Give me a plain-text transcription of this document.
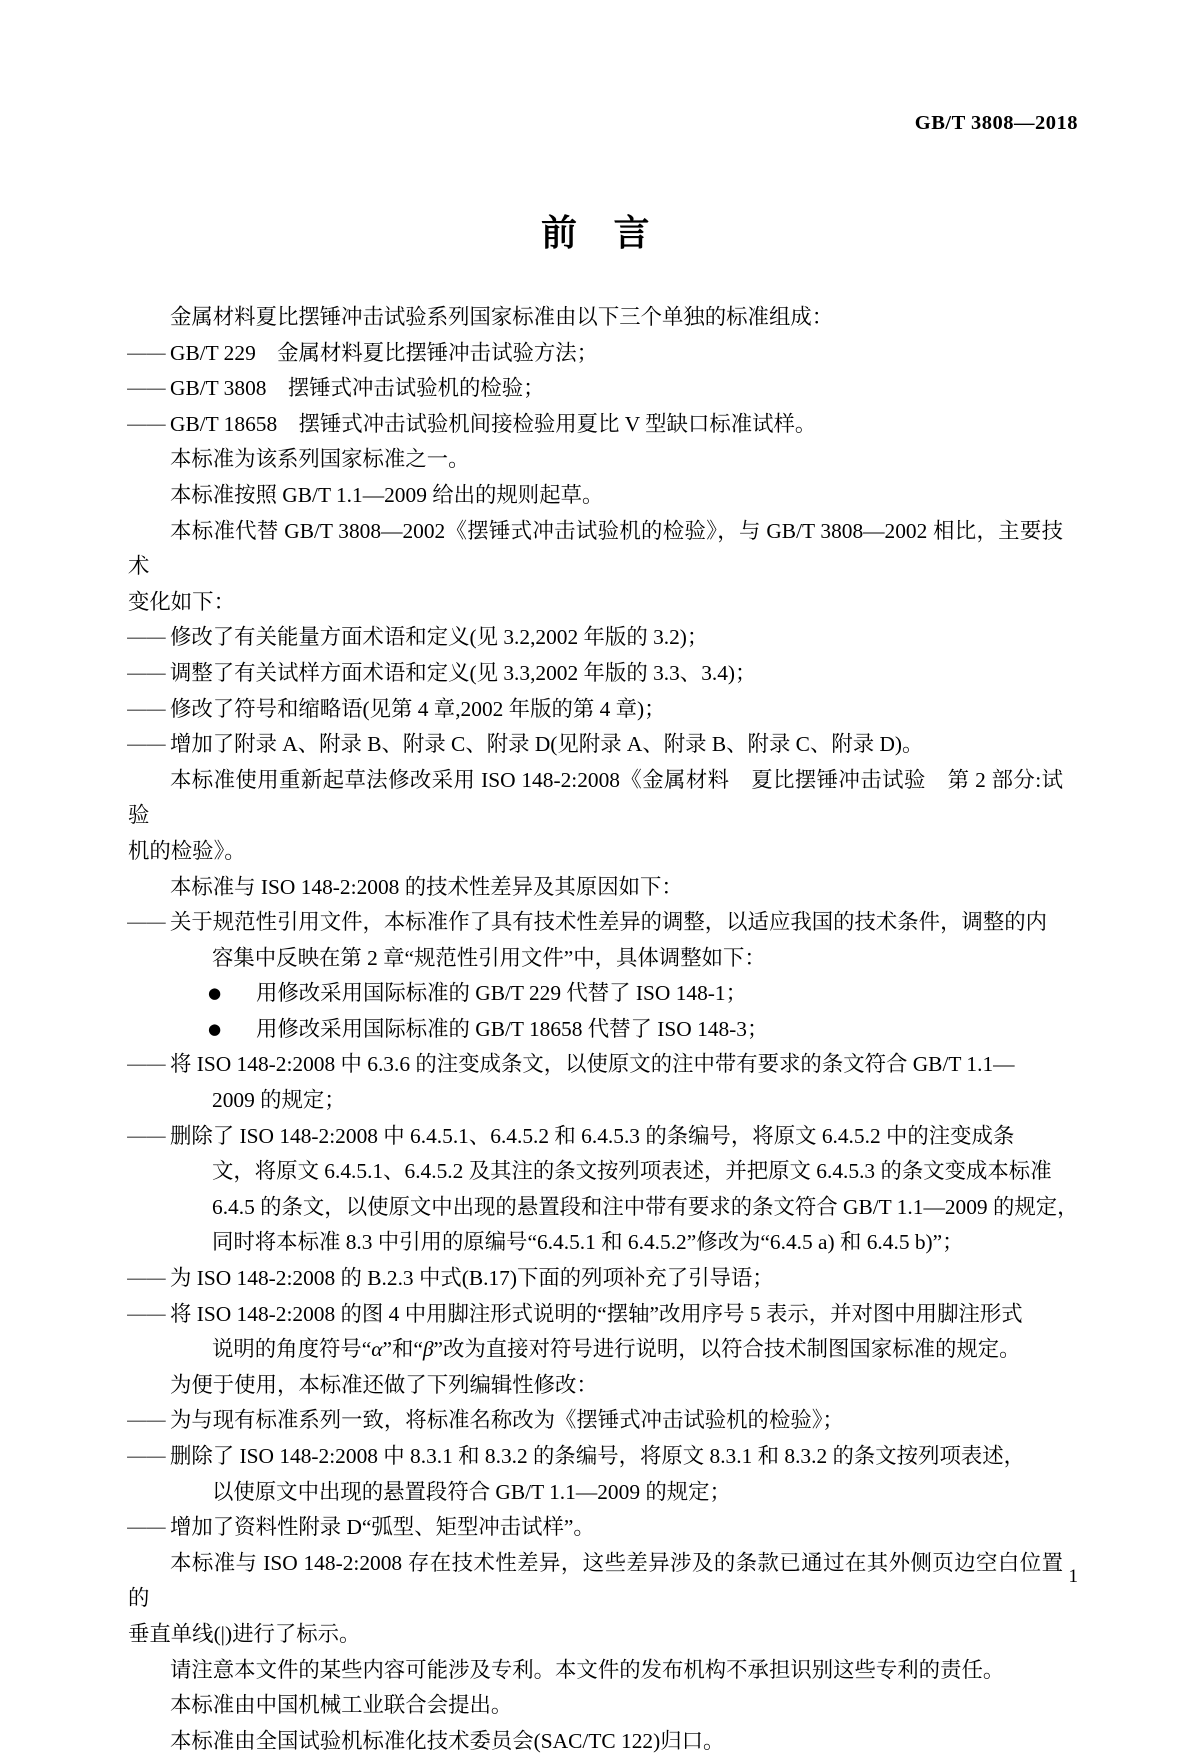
GB/T 3808—2018
前 言

金属材料夏比摆锤冲击试验系列国家标准由以下三个单独的标准组成：

—— GB/T 229　金属材料夏比摆锤冲击试验方法；

—— GB/T 3808　摆锤式冲击试验机的检验；

—— GB/T 18658　摆锤式冲击试验机间接检验用夏比 V 型缺口标准试样。

本标准为该系列国家标准之一。

本标准按照 GB/T 1.1—2009 给出的规则起草。

本标准代替 GB/T 3808—2002《摆锤式冲击试验机的检验》，与 GB/T 3808—2002 相比，主要技术

变化如下：

—— 修改了有关能量方面术语和定义(见 3.2,2002 年版的 3.2)；

—— 调整了有关试样方面术语和定义(见 3.3,2002 年版的 3.3、3.4)；

—— 修改了符号和缩略语(见第 4 章,2002 年版的第 4 章)；

—— 增加了附录 A、附录 B、附录 C、附录 D(见附录 A、附录 B、附录 C、附录 D)。

本标准使用重新起草法修改采用 ISO 148-2:2008《金属材料　夏比摆锤冲击试验　第 2 部分:试验

机的检验》。

本标准与 ISO 148-2:2008 的技术性差异及其原因如下：

—— 关于规范性引用文件，本标准作了具有技术性差异的调整，以适应我国的技术条件，调整的内

容集中反映在第 2 章“规范性引用文件”中，具体调整如下：

● 用修改采用国际标准的 GB/T 229 代替了 ISO 148-1；

● 用修改采用国际标准的 GB/T 18658 代替了 ISO 148-3；

—— 将 ISO 148-2:2008 中 6.3.6 的注变成条文，以使原文的注中带有要求的条文符合 GB/T 1.1—

2009 的规定；

—— 删除了 ISO 148-2:2008 中 6.4.5.1、6.4.5.2 和 6.4.5.3 的条编号，将原文 6.4.5.2 中的注变成条

文，将原文 6.4.5.1、6.4.5.2 及其注的条文按列项表述，并把原文 6.4.5.3 的条文变成本标准

6.4.5 的条文，以使原文中出现的悬置段和注中带有要求的条文符合 GB/T 1.1—2009 的规定，

同时将本标准 8.3 中引用的原编号“6.4.5.1 和 6.4.5.2”修改为“6.4.5 a) 和 6.4.5 b)”；

—— 为 ISO 148-2:2008 的 B.2.3 中式(B.17)下面的列项补充了引导语；

—— 将 ISO 148-2:2008 的图 4 中用脚注形式说明的“摆轴”改用序号 5 表示，并对图中用脚注形式

说明的角度符号“α”和“β”改为直接对符号进行说明，以符合技术制图国家标准的规定。

为便于使用，本标准还做了下列编辑性修改：

—— 为与现有标准系列一致，将标准名称改为《摆锤式冲击试验机的检验》；

—— 删除了 ISO 148-2:2008 中 8.3.1 和 8.3.2 的条编号，将原文 8.3.1 和 8.3.2 的条文按列项表述，

以使原文中出现的悬置段符合 GB/T 1.1—2009 的规定；

—— 增加了资料性附录 D“弧型、矩型冲击试样”。

本标准与 ISO 148-2:2008 存在技术性差异，这些差异涉及的条款已通过在其外侧页边空白位置的

垂直单线(|)进行了标示。

请注意本文件的某些内容可能涉及专利。本文件的发布机构不承担识别这些专利的责任。

本标准由中国机械工业联合会提出。

本标准由全国试验机标准化技术委员会(SAC/TC 122)归口。

1
